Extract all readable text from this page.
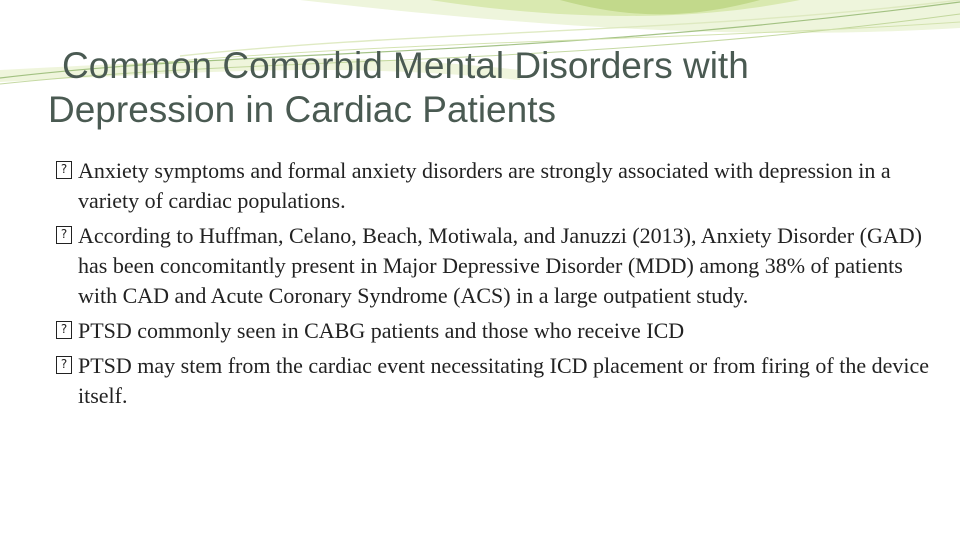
Common Comorbid Mental Disorders with
Depression in Cardiac Patients
?
Anxiety symptoms and formal anxiety disorders are strongly associated with depression in a variety of cardiac populations.
?
According to Huffman, Celano, Beach, Motiwala, and Januzzi (2013), Anxiety Disorder (GAD) has been concomitantly present in Major Depressive Disorder (MDD) among 38% of patients with CAD and Acute Coronary Syndrome (ACS) in a large outpatient study.
?
PTSD commonly seen in CABG patients and those who receive ICD
?
PTSD may stem from the cardiac event necessitating ICD placement or from firing of the device itself.
